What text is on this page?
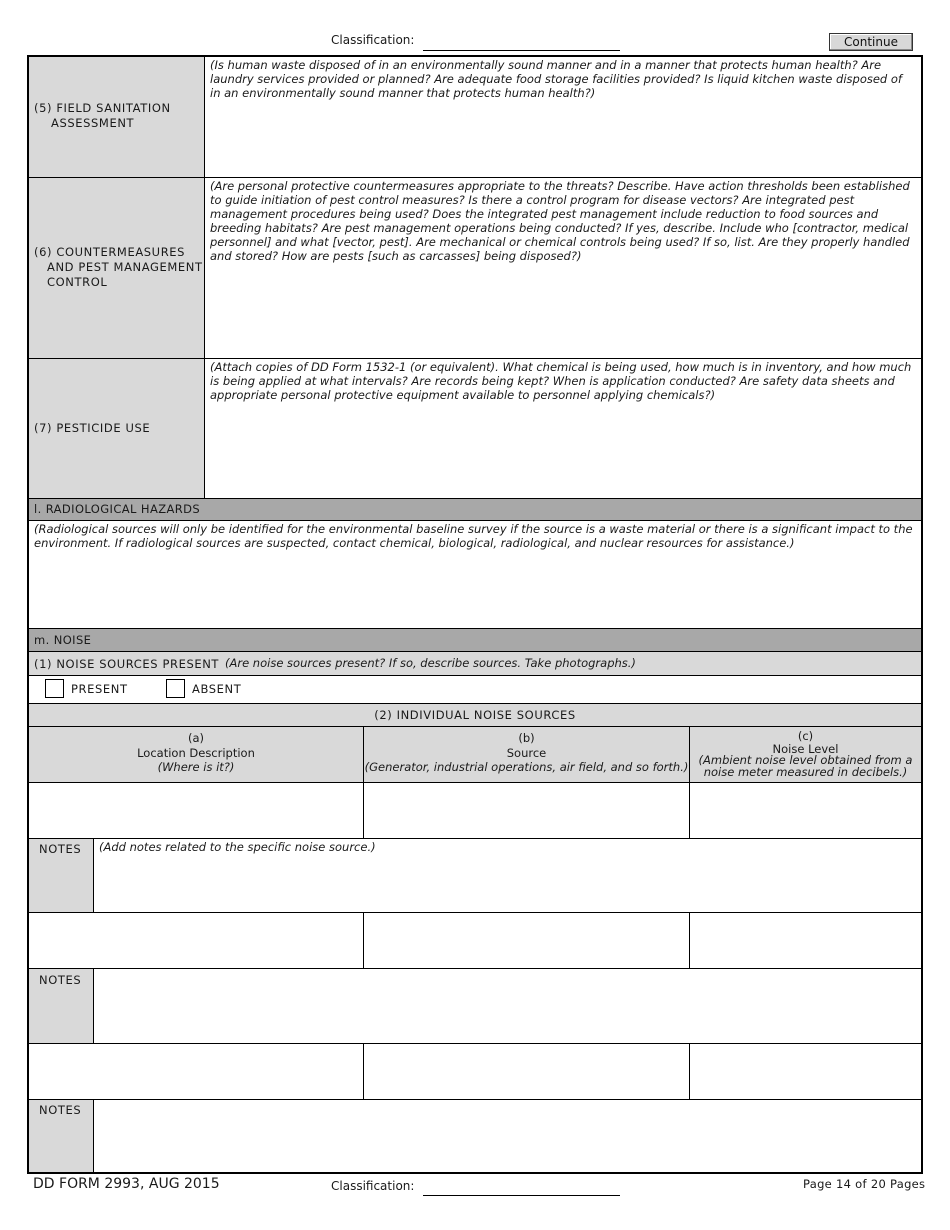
Classification:	Continue
(5) FIELD SANITATION
ASSESSMENT
(Is human waste disposed of in an environmentally sound manner and in a manner that protects human health? Are laundry services provided or planned? Are adequate food storage facilities provided? Is liquid kitchen waste disposed of in an environmentally sound manner that protects human health?)
(6) COUNTERMEASURES
AND PEST MANAGEMENT
CONTROL
(Are personal protective countermeasures appropriate to the threats? Describe. Have action thresholds been established to guide initiation of pest control measures? Is there a control program for disease vectors? Are integrated pest management procedures being used? Does the integrated pest management include reduction to food sources and breeding habitats? Are pest management operations being conducted? If yes, describe. Include who [contractor, medical personnel] and what [vector, pest]. Are mechanical or chemical controls being used? If so, list. Are they properly handled and stored? How are pests [such as carcasses] being disposed?)
(7) PESTICIDE USE
(Attach copies of DD Form 1532-1 (or equivalent). What chemical is being used, how much is in inventory, and how much is being applied at what intervals? Are records being kept? When is application conducted? Are safety data sheets and appropriate personal protective equipment available to personnel applying chemicals?)
l. RADIOLOGICAL HAZARDS
(Radiological sources will only be identified for the environmental baseline survey if the source is a waste material or there is a significant impact to the environment. If radiological sources are suspected, contact chemical, biological, radiological, and nuclear resources for assistance.)
m. NOISE
(1) NOISE SOURCES PRESENT (Are noise sources present? If so, describe sources. Take photographs.)
PRESENT	ABSENT
(2) INDIVIDUAL NOISE SOURCES
(a)
Location Description
(Where is it?)
(b)
Source
(Generator, industrial operations, air field, and so forth.)
(c)
Noise Level
(Ambient noise level obtained from a noise meter measured in decibels.)
NOTES (Add notes related to the specific noise source.)
NOTES
NOTES
DD FORM 2993, AUG 2015	Classification:	Page 14 of 20 Pages
